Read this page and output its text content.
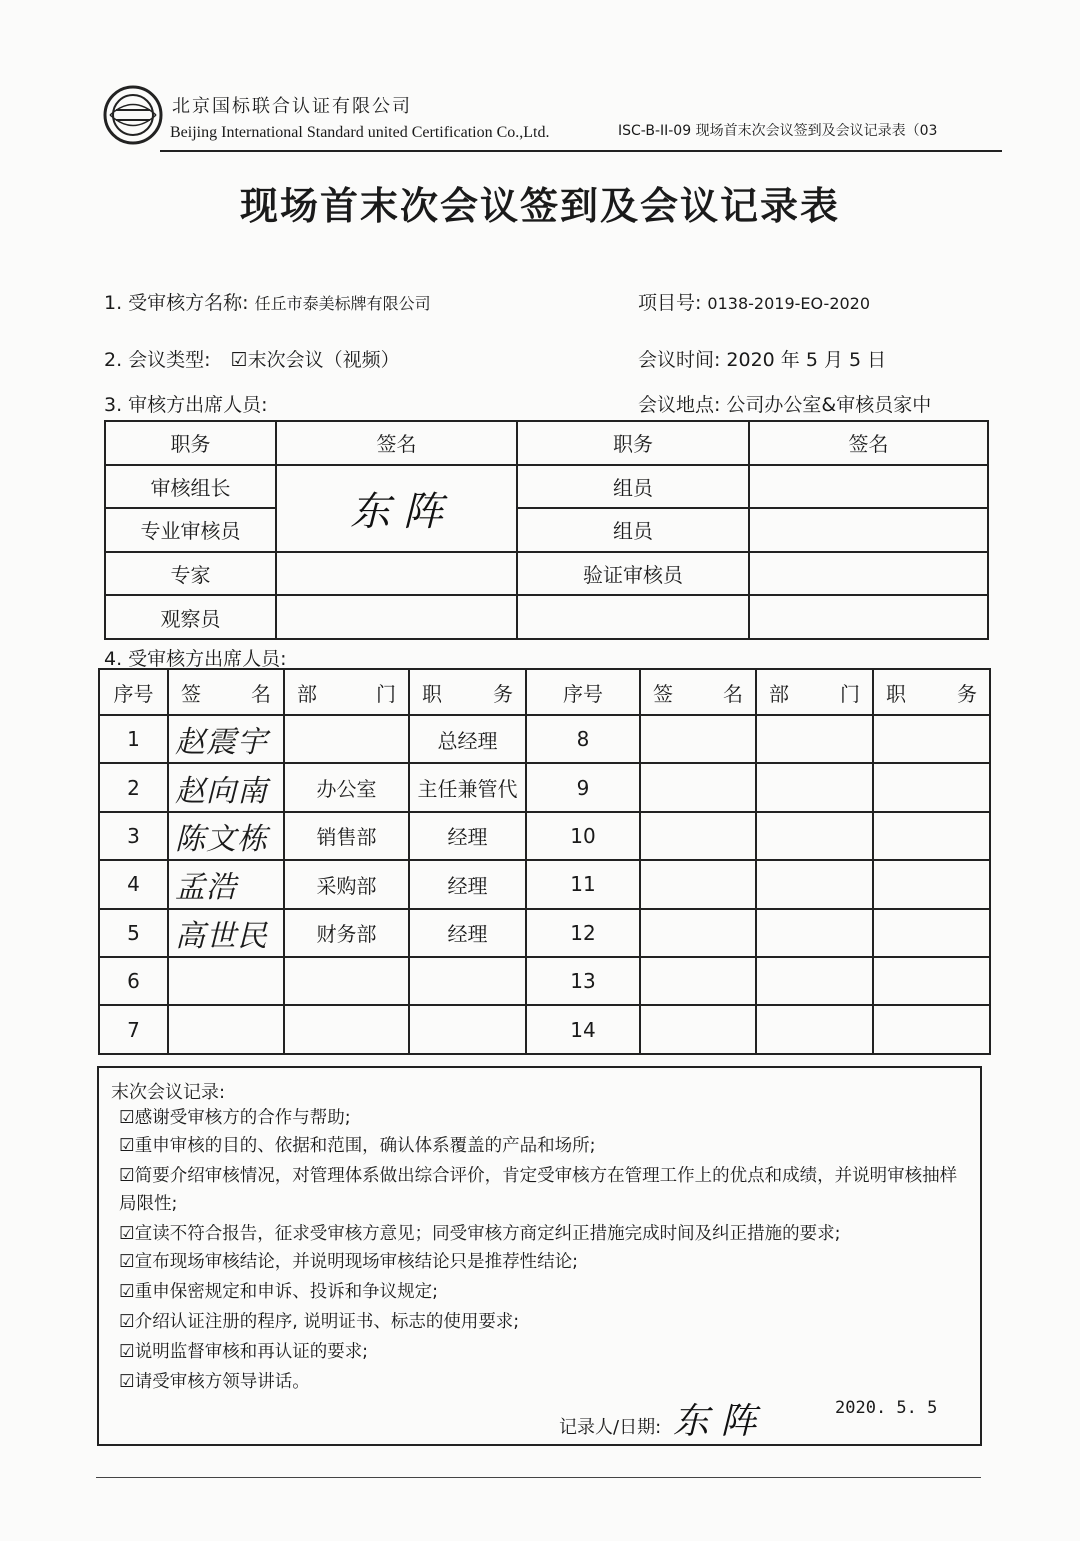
北京国标联合认证有限公司
Beijing International Standard united Certification Co.,Ltd.	ISC-B-II-09 现场首末次会议签到及会议记录表（03
现场首末次会议签到及会议记录表
1. 受审核方名称: 任丘市泰美标牌有限公司	项目号: 0138-2019-EO-2020
2. 会议类型: ☑末次会议（视频）	会议时间: 2020 年 5 月 5 日
3. 审核方出席人员:	会议地点: 公司办公室&审核员家中
职务	签名	职务	签名
审核组长	东 阵	组员	
专业审核员		组员	
专家		验证审核员	
观察员			
4. 受审核方出席人员:
序号	签 名	部 门	职 务	序号	签 名	部 门	职 务

1	赵震宇		总经理	8			
2	赵向南	办公室	主任兼管代	9			
3	陈文栋	销售部	经理	10			
4	孟浩	采购部	经理	11			
5	高世民	财务部	经理	12			
6				13			
7				14			
末次会议记录:
☑感谢受审核方的合作与帮助;
☑重申审核的目的、依据和范围，确认体系覆盖的产品和场所;
☑简要介绍审核情况，对管理体系做出综合评价，肯定受审核方在管理工作上的优点和成绩，并说明审核抽样局限性;
☑宣读不符合报告，征求受审核方意见；同受审核方商定纠正措施完成时间及纠正措施的要求;
☑宣布现场审核结论，并说明现场审核结论只是推荐性结论;
☑重申保密规定和申诉、投诉和争议规定;
☑介绍认证注册的程序, 说明证书、标志的使用要求;
☑说明监督审核和再认证的要求;
☑请受审核方领导讲话。
记录人/日期: 东 阵	2020. 5. 5
